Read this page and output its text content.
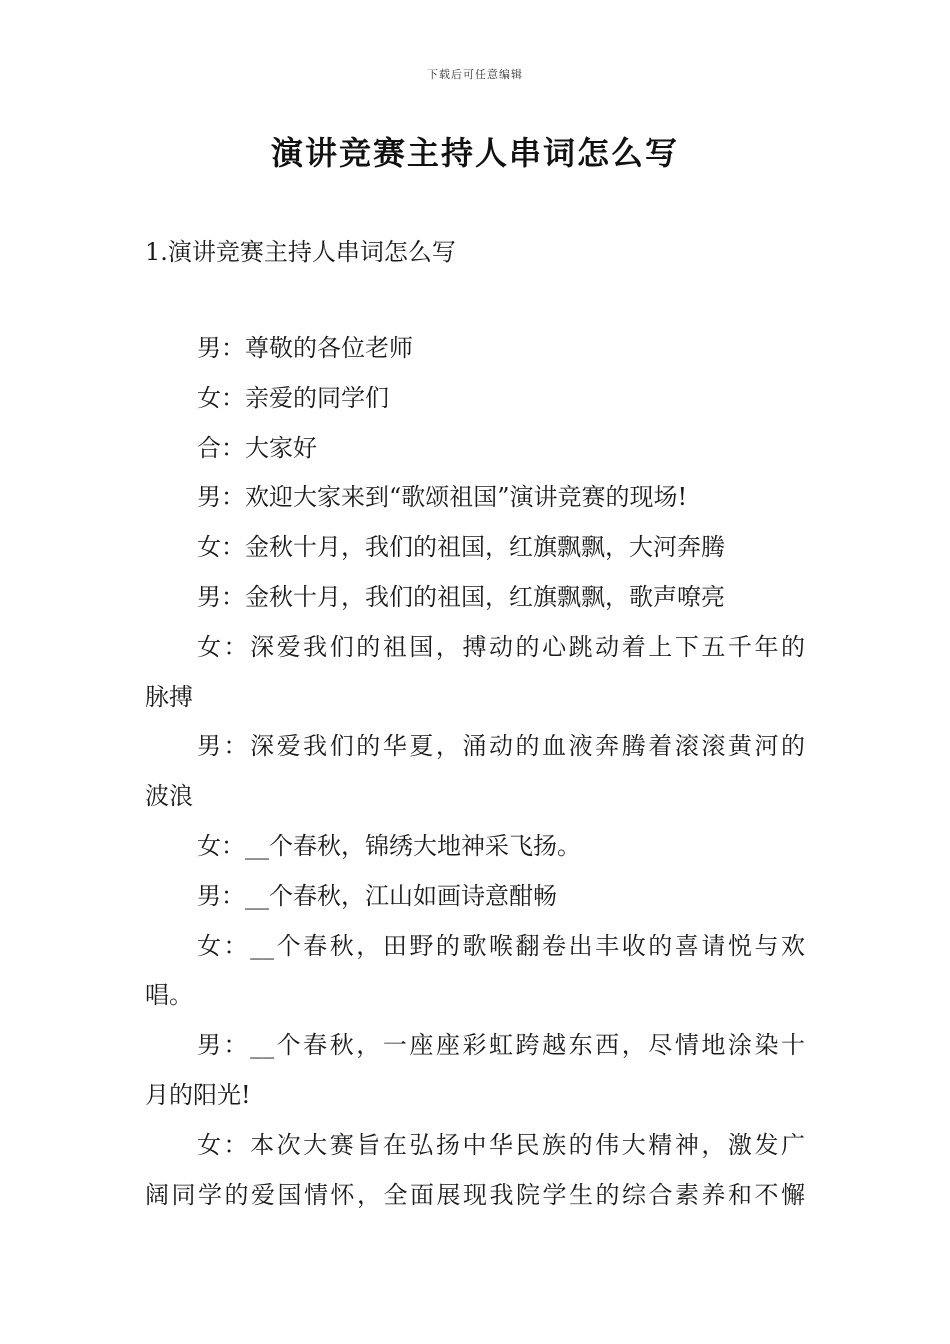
下载后可任意编辑
演讲竞赛主持人串词怎么写
1.演讲竞赛主持人串词怎么写
男：尊敬的各位老师
女：亲爱的同学们
合：大家好
男：欢迎大家来到“歌颂祖国”演讲竞赛的现场!
女：金秋十月，我们的祖国，红旗飘飘，大河奔腾
男：金秋十月，我们的祖国，红旗飘飘，歌声嘹亮
女：深爱我们的祖国，搏动的心跳动着上下五千年的
脉搏
男：深爱我们的华夏，涌动的血液奔腾着滚滚黄河的
波浪
女：__个春秋，锦绣大地神采飞扬。
男：__个春秋，江山如画诗意酣畅
女：__个春秋，田野的歌喉翻卷出丰收的喜请悦与欢
唱。
男：__个春秋，一座座彩虹跨越东西，尽情地涂染十
月的阳光!
女：本次大赛旨在弘扬中华民族的伟大精神，激发广
阔同学的爱国情怀，全面展现我院学生的综合素养和不懈
